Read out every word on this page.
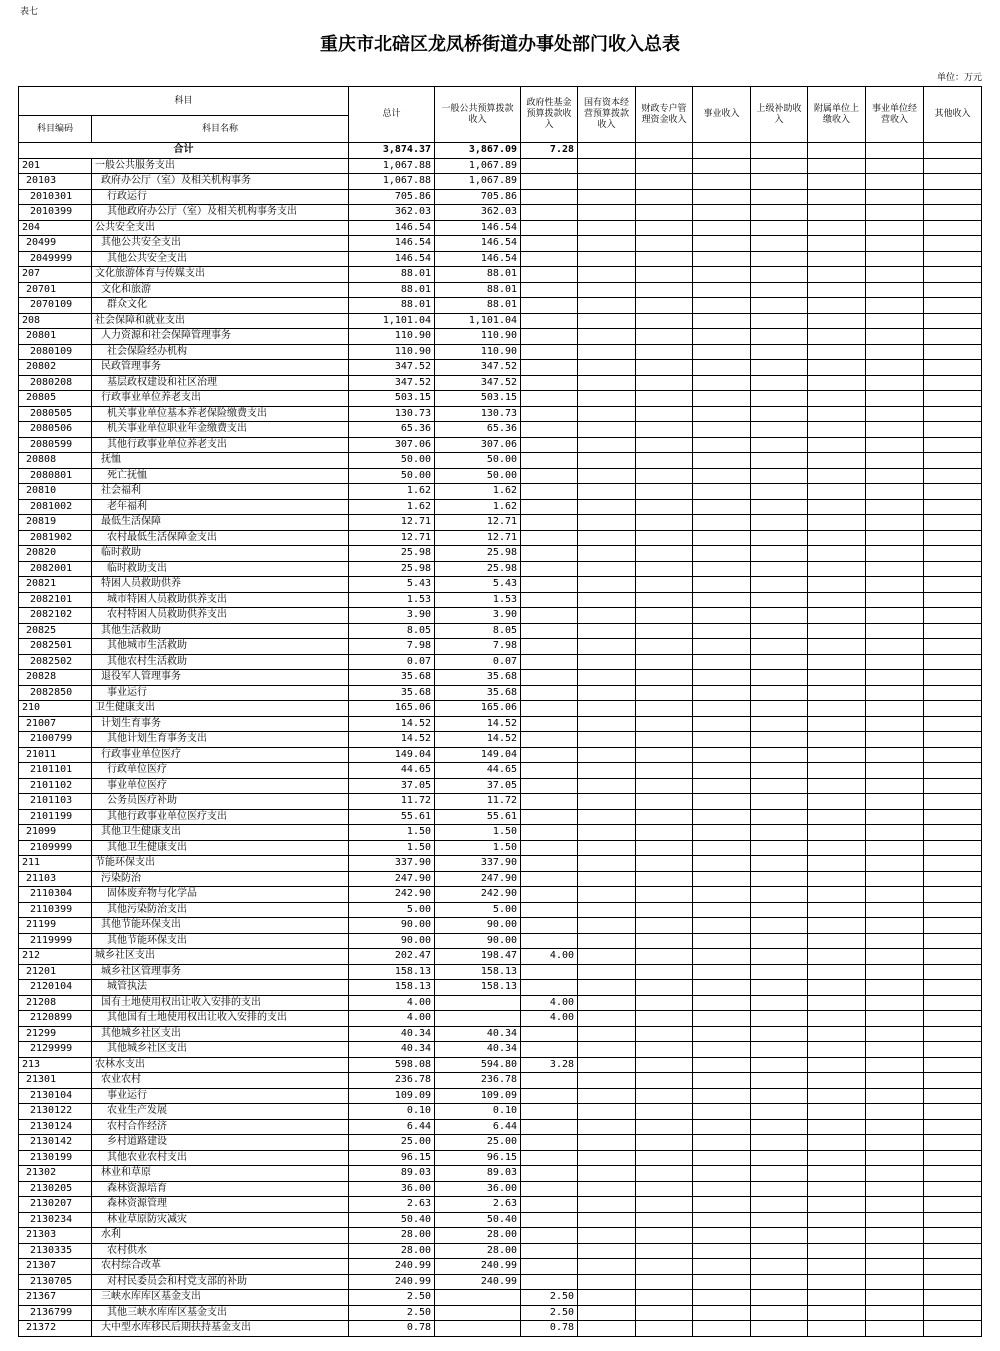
表七
重庆市北碚区龙凤桥街道办事处部门收入总表
单位：万元
科目		总计	一般公共预算拨款收入	政府性基金预算拨款收入	国有资本经营预算拨款收入	财政专户管理资金收入	事业收入	上级补助收入	附属单位上缴收入	事业单位经营收入	其他收入
科目编码	科目名称										
合计		3,874.37	3,867.09	7.28							
201	一般公共服务支出	1,067.88	1,067.89								
20103	政府办公厅（室）及相关机构事务	1,067.88	1,067.89								
2010301	行政运行	705.86	705.86								
2010399	其他政府办公厅（室）及相关机构事务支出	362.03	362.03								
204	公共安全支出	146.54	146.54								
20499	其他公共安全支出	146.54	146.54								
2049999	其他公共安全支出	146.54	146.54								
207	文化旅游体育与传媒支出	88.01	88.01								
20701	文化和旅游	88.01	88.01								
2070109	群众文化	88.01	88.01								
208	社会保障和就业支出	1,101.04	1,101.04								
20801	人力资源和社会保障管理事务	110.90	110.90								
2080109	社会保险经办机构	110.90	110.90								
20802	民政管理事务	347.52	347.52								
2080208	基层政权建设和社区治理	347.52	347.52								
20805	行政事业单位养老支出	503.15	503.15								
2080505	机关事业单位基本养老保险缴费支出	130.73	130.73								
2080506	机关事业单位职业年金缴费支出	65.36	65.36								
2080599	其他行政事业单位养老支出	307.06	307.06								
20808	抚恤	50.00	50.00								
2080801	死亡抚恤	50.00	50.00								
20810	社会福利	1.62	1.62								
2081002	老年福利	1.62	1.62								
20819	最低生活保障	12.71	12.71								
2081902	农村最低生活保障金支出	12.71	12.71								
20820	临时救助	25.98	25.98								
2082001	临时救助支出	25.98	25.98								
20821	特困人员救助供养	5.43	5.43								
2082101	城市特困人员救助供养支出	1.53	1.53								
2082102	农村特困人员救助供养支出	3.90	3.90								
20825	其他生活救助	8.05	8.05								
2082501	其他城市生活救助	7.98	7.98								
2082502	其他农村生活救助	0.07	0.07								
20828	退役军人管理事务	35.68	35.68								
2082850	事业运行	35.68	35.68								
210	卫生健康支出	165.06	165.06								
21007	计划生育事务	14.52	14.52								
2100799	其他计划生育事务支出	14.52	14.52								
21011	行政事业单位医疗	149.04	149.04								
2101101	行政单位医疗	44.65	44.65								
2101102	事业单位医疗	37.05	37.05								
2101103	公务员医疗补助	11.72	11.72								
2101199	其他行政事业单位医疗支出	55.61	55.61								
21099	其他卫生健康支出	1.50	1.50								
2109999	其他卫生健康支出	1.50	1.50								
211	节能环保支出	337.90	337.90								
21103	污染防治	247.90	247.90								
2110304	固体废弃物与化学品	242.90	242.90								
2110399	其他污染防治支出	5.00	5.00								
21199	其他节能环保支出	90.00	90.00								
2119999	其他节能环保支出	90.00	90.00								
212	城乡社区支出	202.47	198.47	4.00							
21201	城乡社区管理事务	158.13	158.13								
2120104	城管执法	158.13	158.13								
21208	国有土地使用权出让收入安排的支出	4.00		4.00							
2120899	其他国有土地使用权出让收入安排的支出	4.00		4.00							
21299	其他城乡社区支出	40.34	40.34								
2129999	其他城乡社区支出	40.34	40.34								
213	农林水支出	598.08	594.80	3.28							
21301	农业农村	236.78	236.78								
2130104	事业运行	109.09	109.09								
2130122	农业生产发展	0.10	0.10								
2130124	农村合作经济	6.44	6.44								
2130142	乡村道路建设	25.00	25.00								
2130199	其他农业农村支出	96.15	96.15								
21302	林业和草原	89.03	89.03								
2130205	森林资源培育	36.00	36.00								
2130207	森林资源管理	2.63	2.63								
2130234	林业草原防灾减灾	50.40	50.40								
21303	水利	28.00	28.00								
2130335	农村供水	28.00	28.00								
21307	农村综合改革	240.99	240.99								
2130705	对村民委员会和村党支部的补助	240.99	240.99								
21367	三峡水库库区基金支出	2.50		2.50							
2136799	其他三峡水库库区基金支出	2.50		2.50							
21372	大中型水库移民后期扶持基金支出	0.78		0.78							
